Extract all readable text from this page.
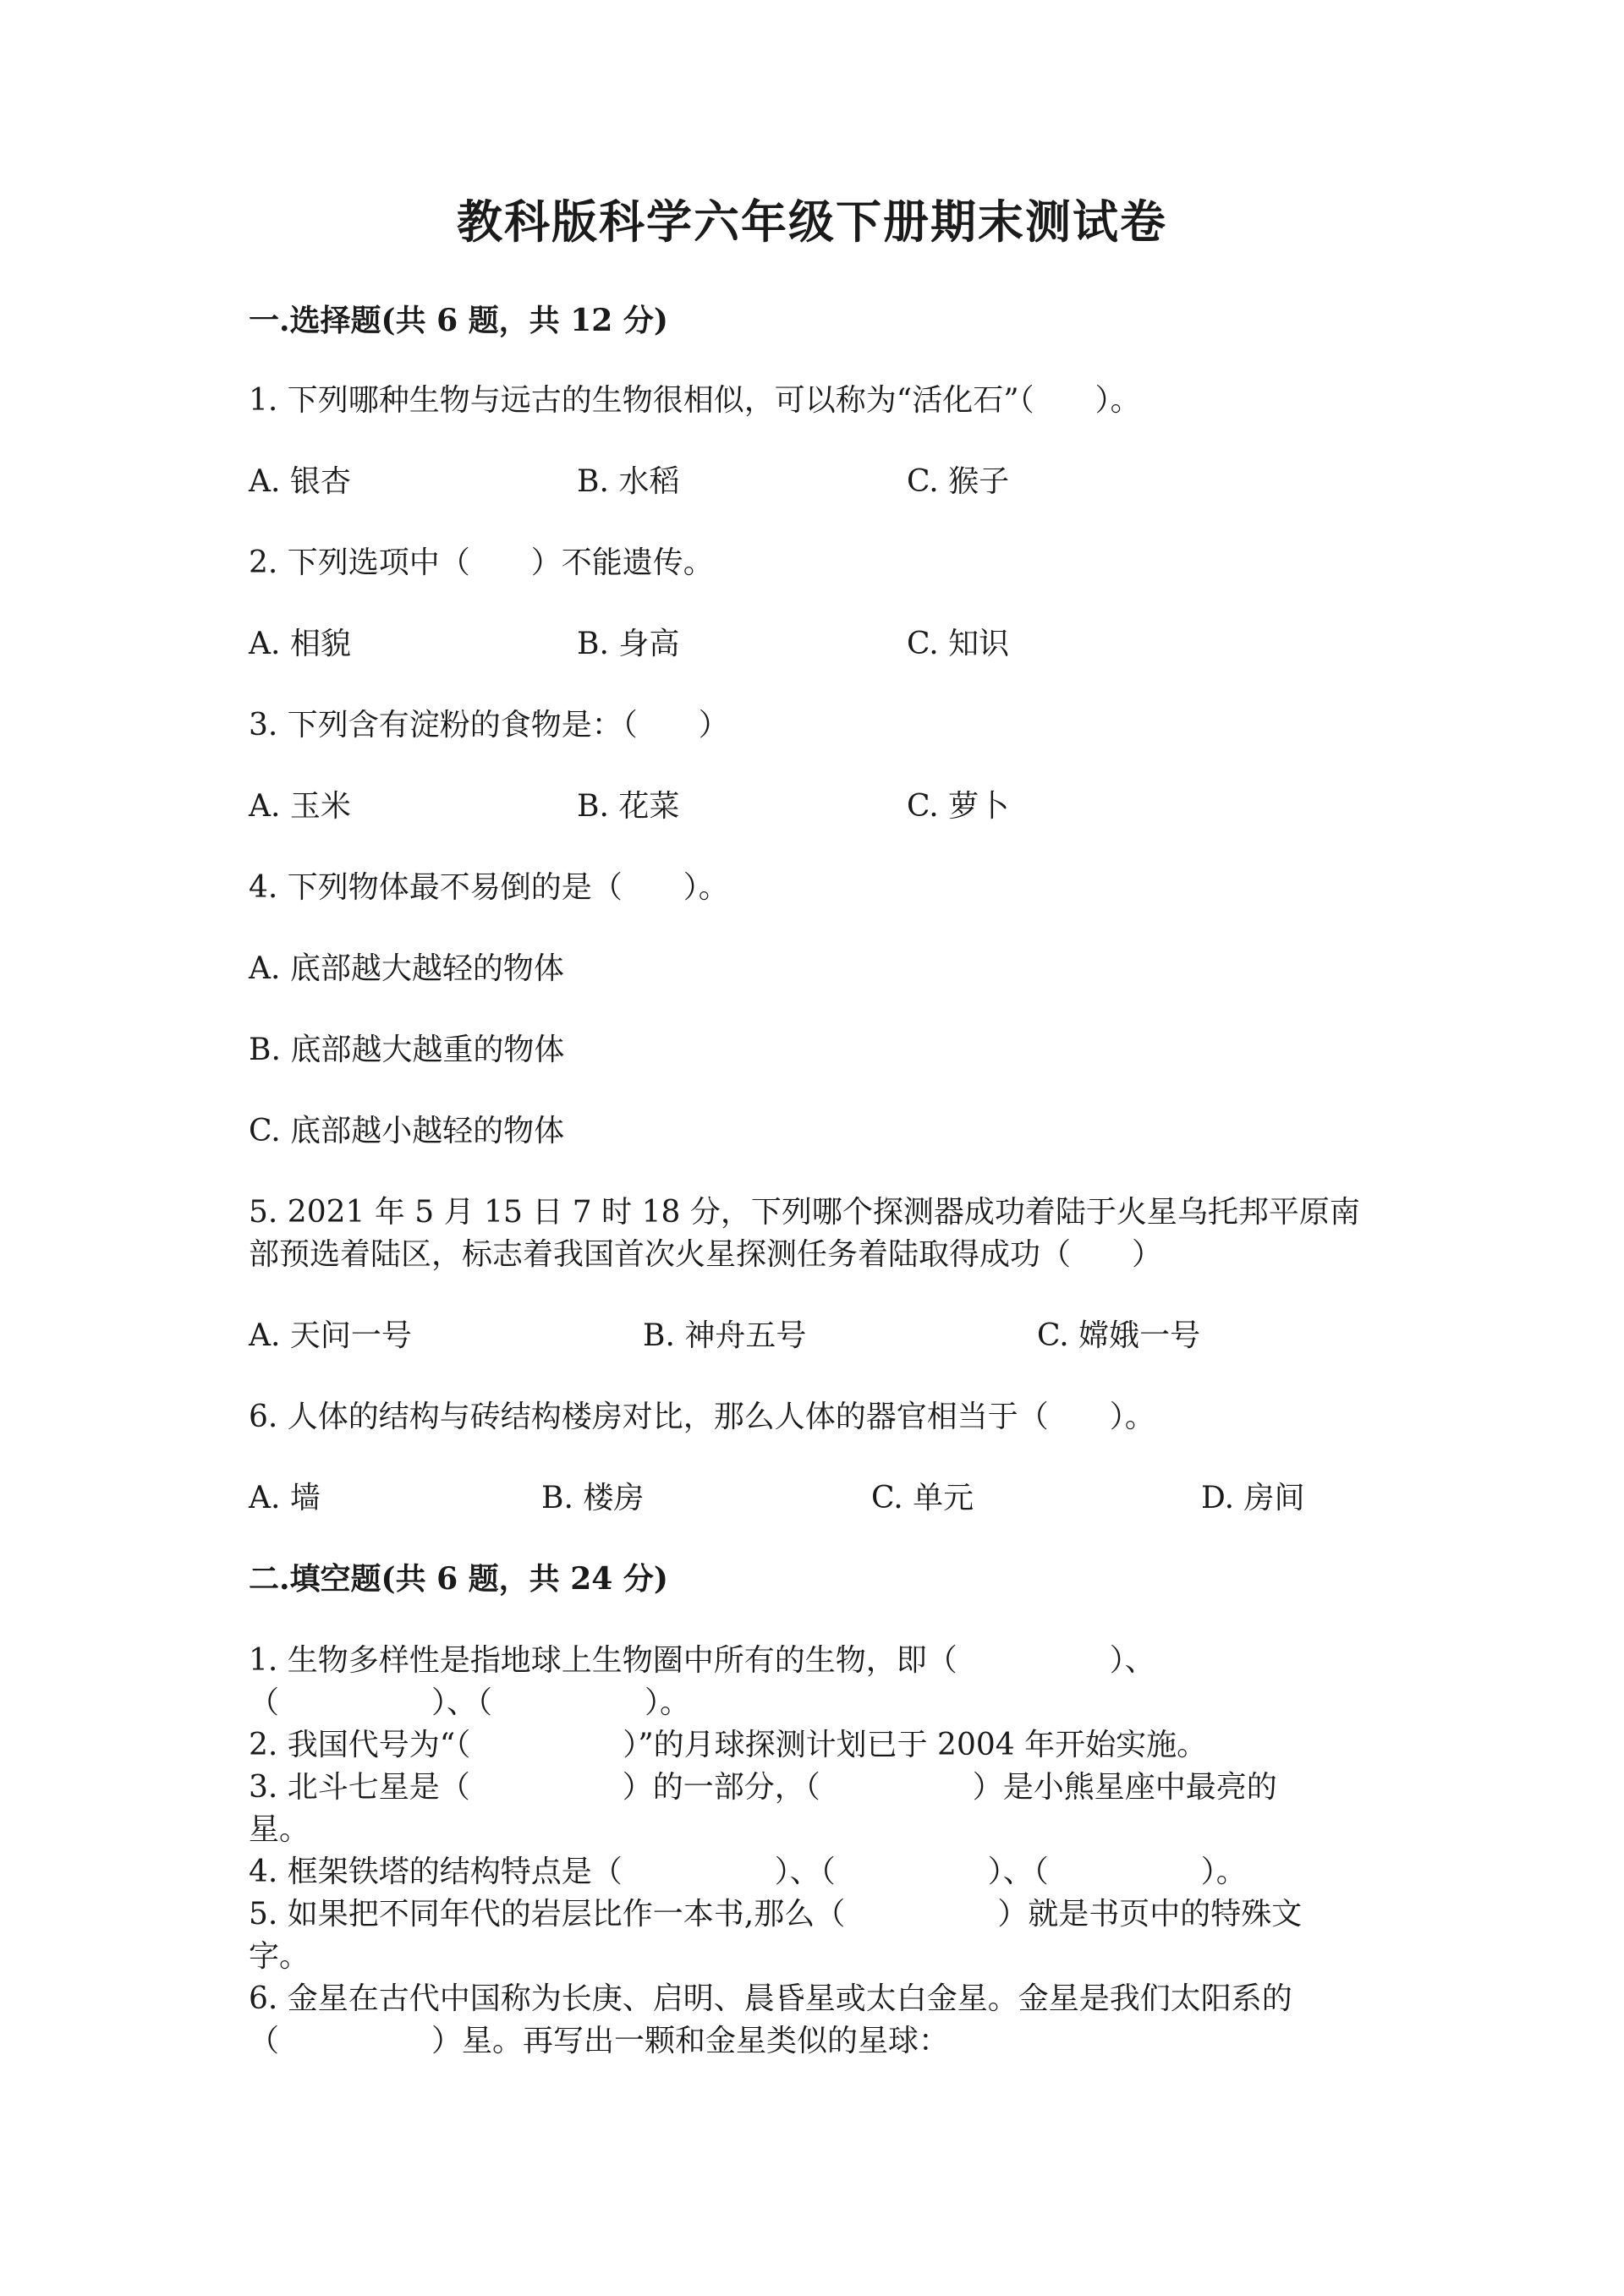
教科版科学六年级下册期末测试卷
一.选择题(共 6 题，共 12 分)
1. 下列哪种生物与远古的生物很相似，可以称为“活化石”（　　）。
A. 银杏	B. 水稻	C. 猴子
2. 下列选项中（　　）不能遗传。
A. 相貌	B. 身高	C. 知识
3. 下列含有淀粉的食物是：（　　）
A. 玉米	B. 花菜	C. 萝卜
4. 下列物体最不易倒的是（　　）。
A. 底部越大越轻的物体
B. 底部越大越重的物体
C. 底部越小越轻的物体
5. 2021 年 5 月 15 日 7 时 18 分，下列哪个探测器成功着陆于火星乌托邦平原南
部预选着陆区，标志着我国首次火星探测任务着陆取得成功（　　）
A. 天问一号	B. 神舟五号	C. 嫦娥一号
6. 人体的结构与砖结构楼房对比，那么人体的器官相当于（　　）。
A. 墙	B. 楼房	C. 单元	D. 房间
二.填空题(共 6 题，共 24 分)
1. 生物多样性是指地球上生物圈中所有的生物，即（　　　　　）、
（　　　　　）、（　　　　　）。
2. 我国代号为“（　　　　　）”的月球探测计划已于 2004 年开始实施。
3. 北斗七星是（　　　　　）的一部分，（　　　　　）是小熊星座中最亮的
星。
4. 框架铁塔的结构特点是（　　　　　）、（　　　　　）、（　　　　　）。
5. 如果把不同年代的岩层比作一本书,那么（　　　　　）就是书页中的特殊文
字。
6. 金星在古代中国称为长庚、启明、晨昏星或太白金星。金星是我们太阳系的
（　　　　　）星。再写出一颗和金星类似的星球：
